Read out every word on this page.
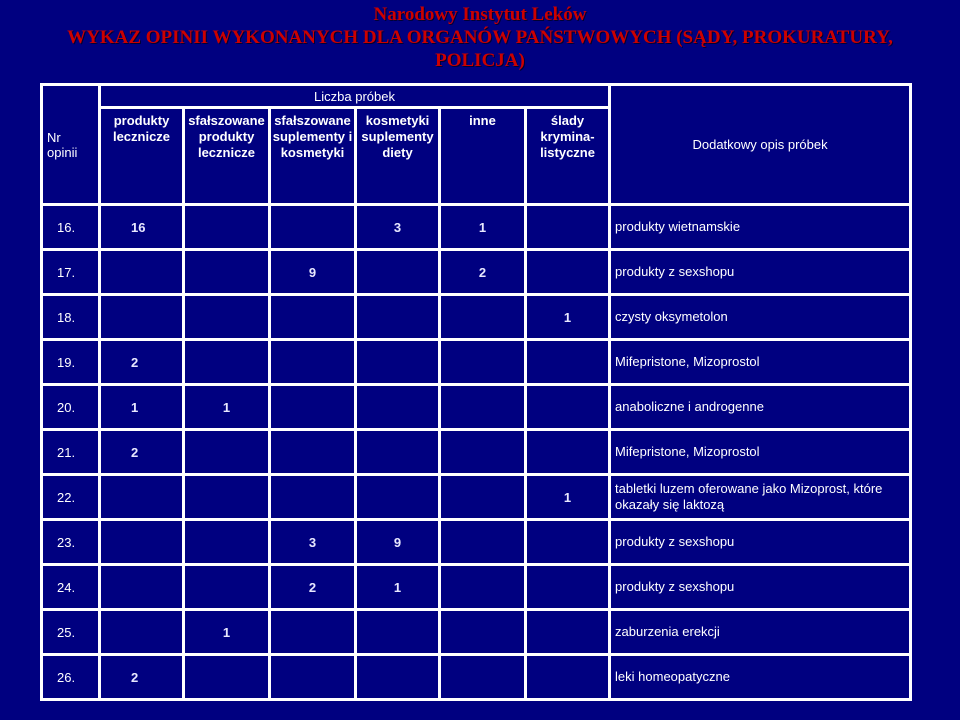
Narodowy Instytut Leków
WYKAZ OPINII WYKONANYCH DLA ORGANÓW PAŃSTWOWYCH (SĄDY, PROKURATURY, POLICJA)
Nr opinii	Liczba próbek						Dodatkowy opis próbek
	produkty lecznicze	sfałszowane produkty lecznicze	sfałszowane suplementy i kosmetyki	kosmetyki suplementy diety	inne	ślady krymina-listyczne	
16.	16			3	1		produkty wietnamskie
17.			9		2		produkty z sexshopu
18.						1	czysty oksymetolon
19.	2						Mifepristone, Mizoprostol
20.	1	1					anaboliczne i androgenne
21.	2						Mifepristone, Mizoprostol
22.						1	tabletki luzem oferowane jako Mizoprost, które okazały się laktozą
23.			3	9			produkty z sexshopu
24.			2	1			produkty z sexshopu
25.		1					zaburzenia erekcji
26.	2						leki homeopatyczne
